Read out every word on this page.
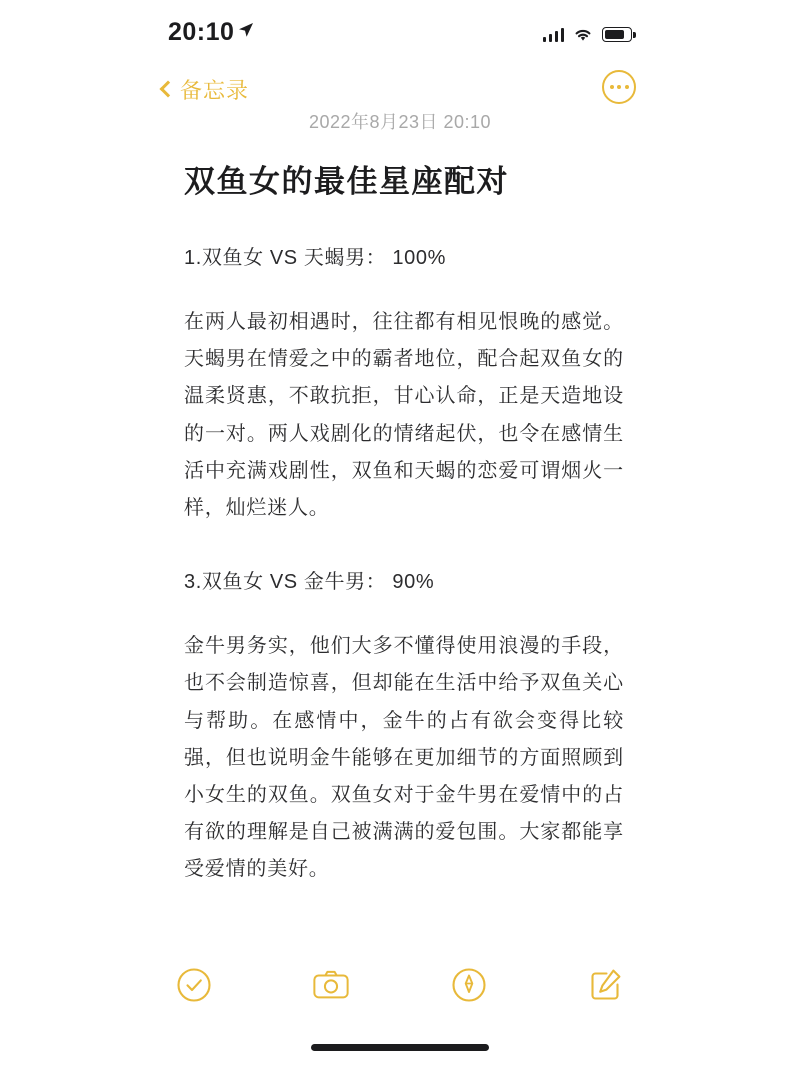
20:10
备忘录
2022年8月23日 20:10
双鱼女的最佳星座配对
1.双鱼女 VS 天蝎男： 100%
在两人最初相遇时，往往都有相见恨晚的感觉。天蝎男在情爱之中的霸者地位，配合起双鱼女的温柔贤惠，不敢抗拒，甘心认命，正是天造地设的一对。两人戏剧化的情绪起伏，也令在感情生活中充满戏剧性，双鱼和天蝎的恋爱可谓烟火一样，灿烂迷人。
3.双鱼女 VS 金牛男： 90%
金牛男务实，他们大多不懂得使用浪漫的手段，也不会制造惊喜，但却能在生活中给予双鱼关心与帮助。在感情中，金牛的占有欲会变得比较强，但也说明金牛能够在更加细节的方面照顾到小女生的双鱼。双鱼女对于金牛男在爱情中的占有欲的理解是自己被满满的爱包围。大家都能享受爱情的美好。
